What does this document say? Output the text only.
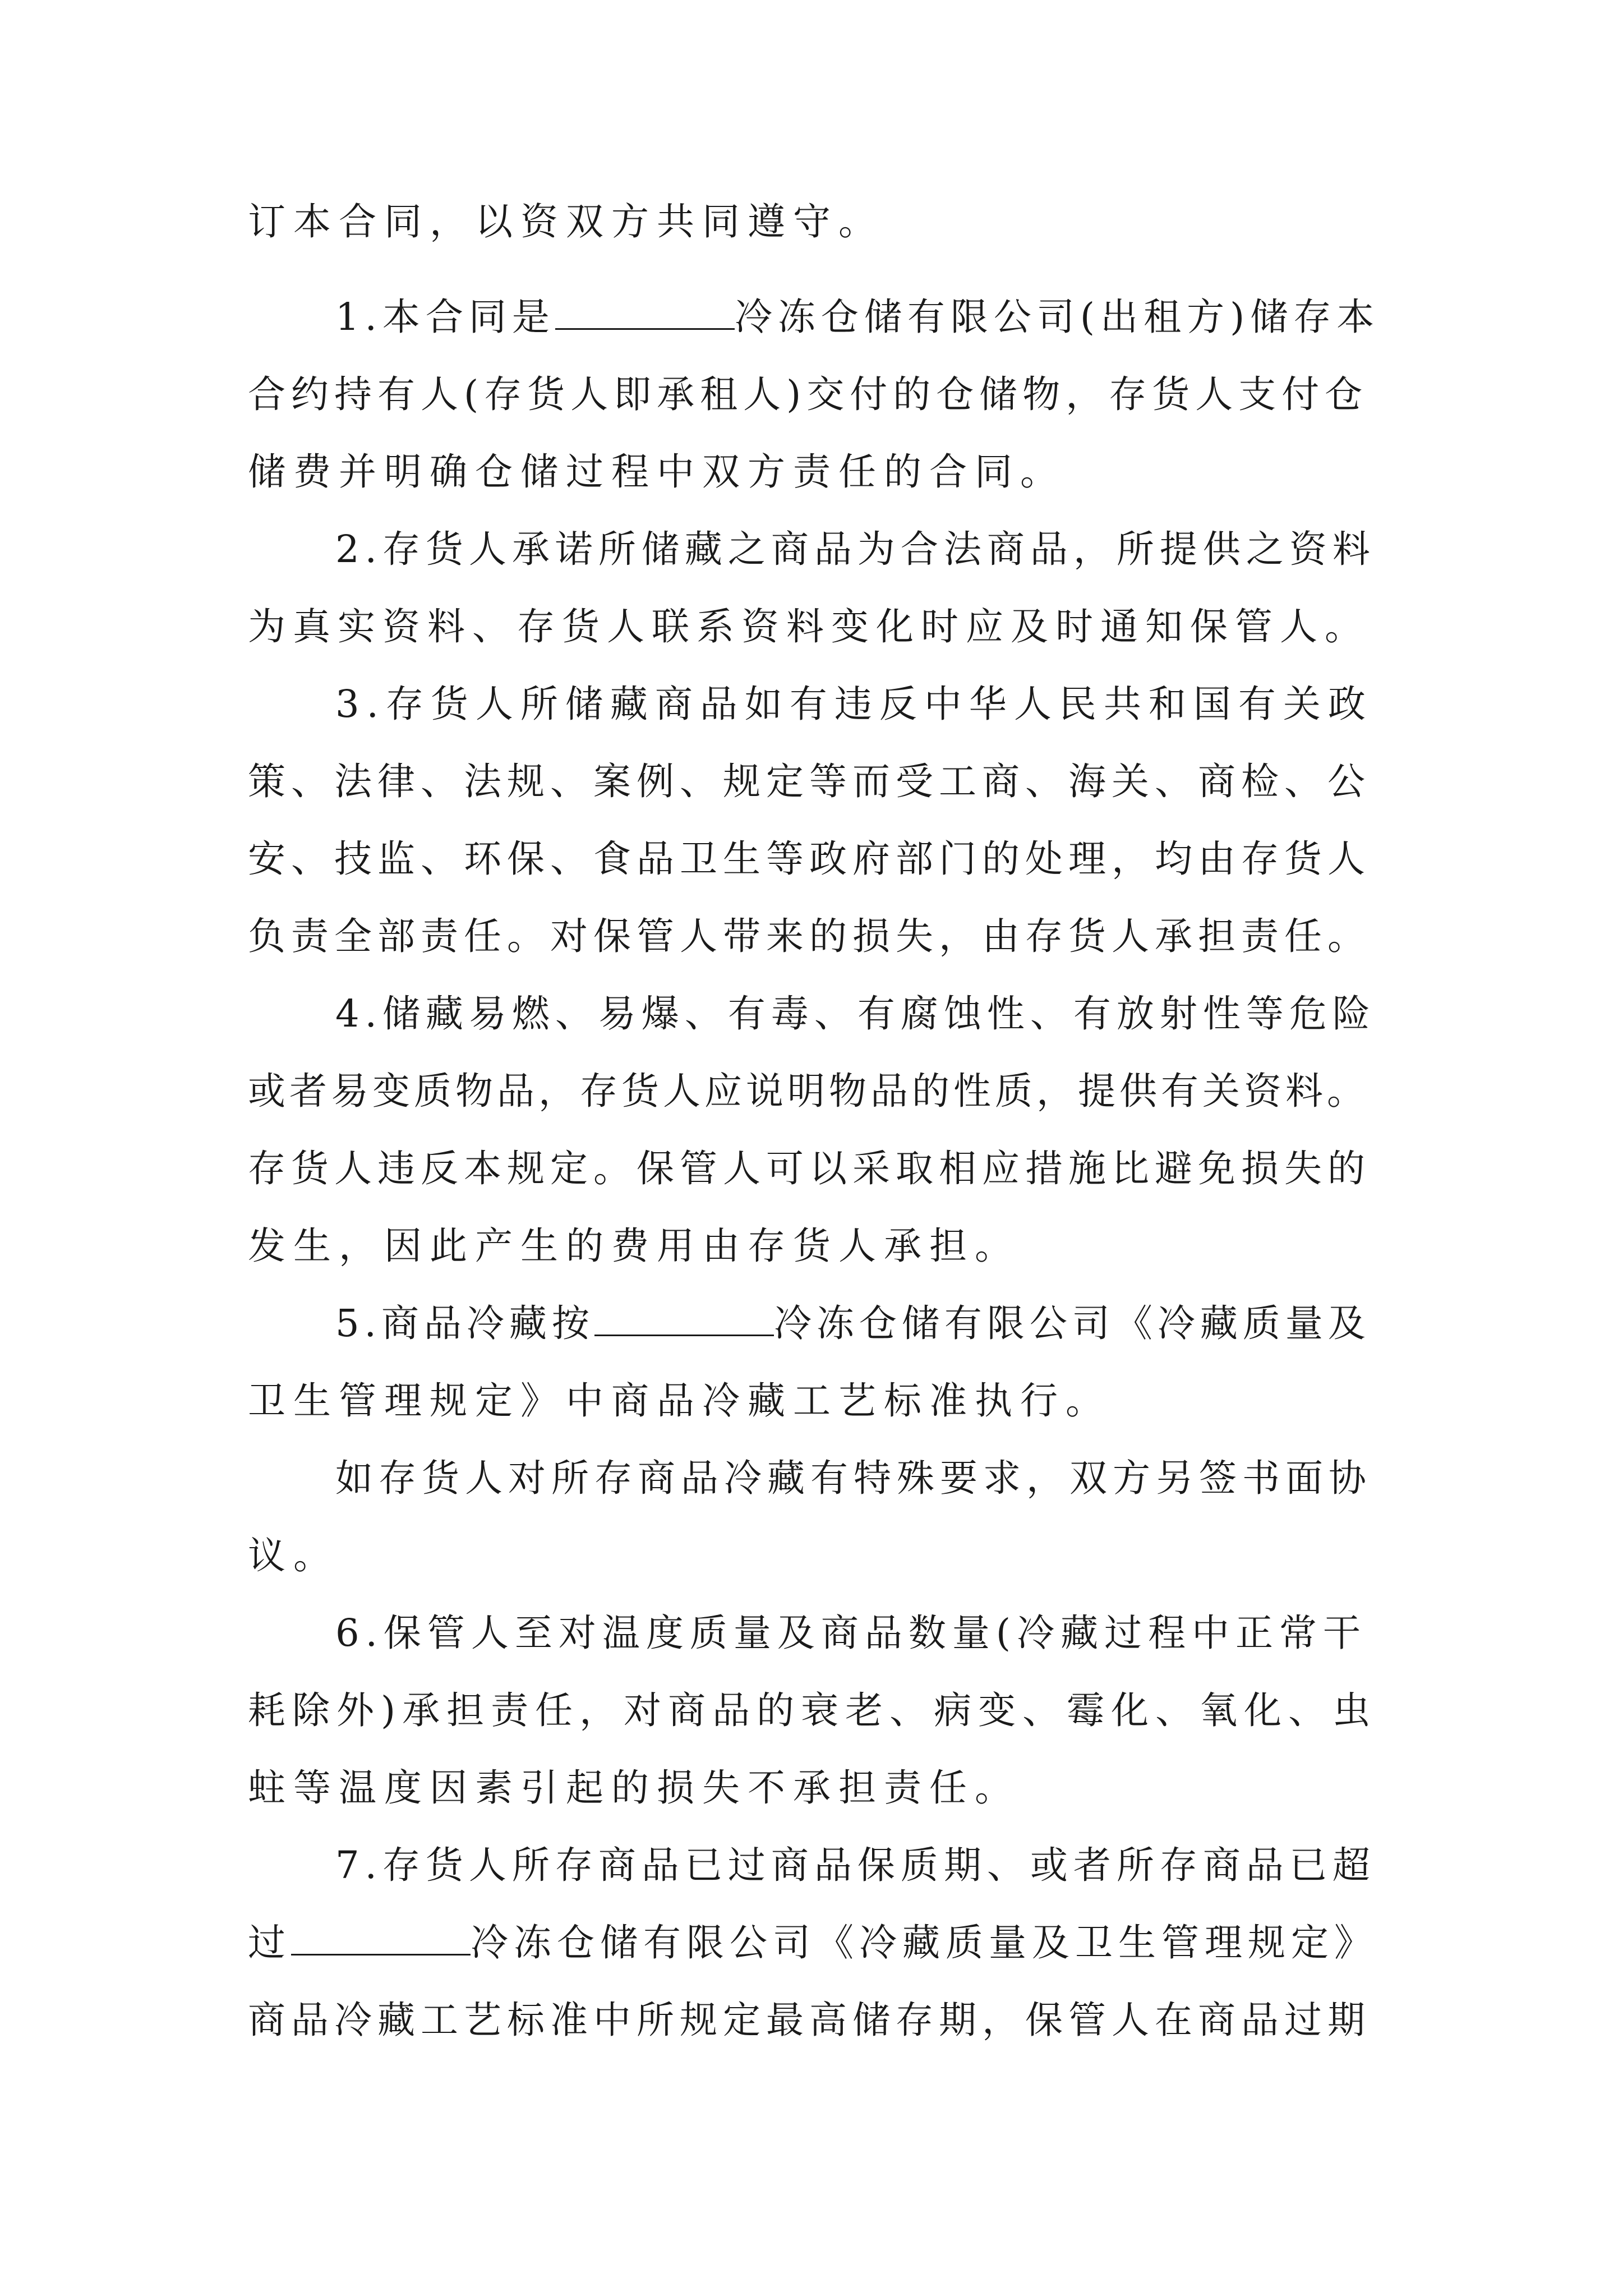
订本合同，以资双方共同遵守。
1.本合同是	冷冻仓储有限公司(出租方)储存本
合约持有人(存货人即承租人)交付的仓储物，存货人支付仓
储费并明确仓储过程中双方责任的合同。
2.存货人承诺所储藏之商品为合法商品，所提供之资料
为真实资料、存货人联系资料变化时应及时通知保管人。
3.存货人所储藏商品如有违反中华人民共和国有关政
策、法律、法规、案例、规定等而受工商、海关、商检、公
安、技监、环保、食品卫生等政府部门的处理，均由存货人
负责全部责任。对保管人带来的损失，由存货人承担责任。
4.储藏易燃、易爆、有毒、有腐蚀性、有放射性等危险
或者易变质物品，存货人应说明物品的性质，提供有关资料。
存货人违反本规定。保管人可以采取相应措施比避免损失的
发生，因此产生的费用由存货人承担。
5.商品冷藏按	冷冻仓储有限公司《冷藏质量及
卫生管理规定》中商品冷藏工艺标准执行。
如存货人对所存商品冷藏有特殊要求，双方另签书面协
议。
6.保管人至对温度质量及商品数量(冷藏过程中正常干
耗除外)承担责任，对商品的衰老、病变、霉化、氧化、虫
蛀等温度因素引起的损失不承担责任。
7.存货人所存商品已过商品保质期、或者所存商品已超
过	冷冻仓储有限公司《冷藏质量及卫生管理规定》
商品冷藏工艺标准中所规定最高储存期，保管人在商品过期
